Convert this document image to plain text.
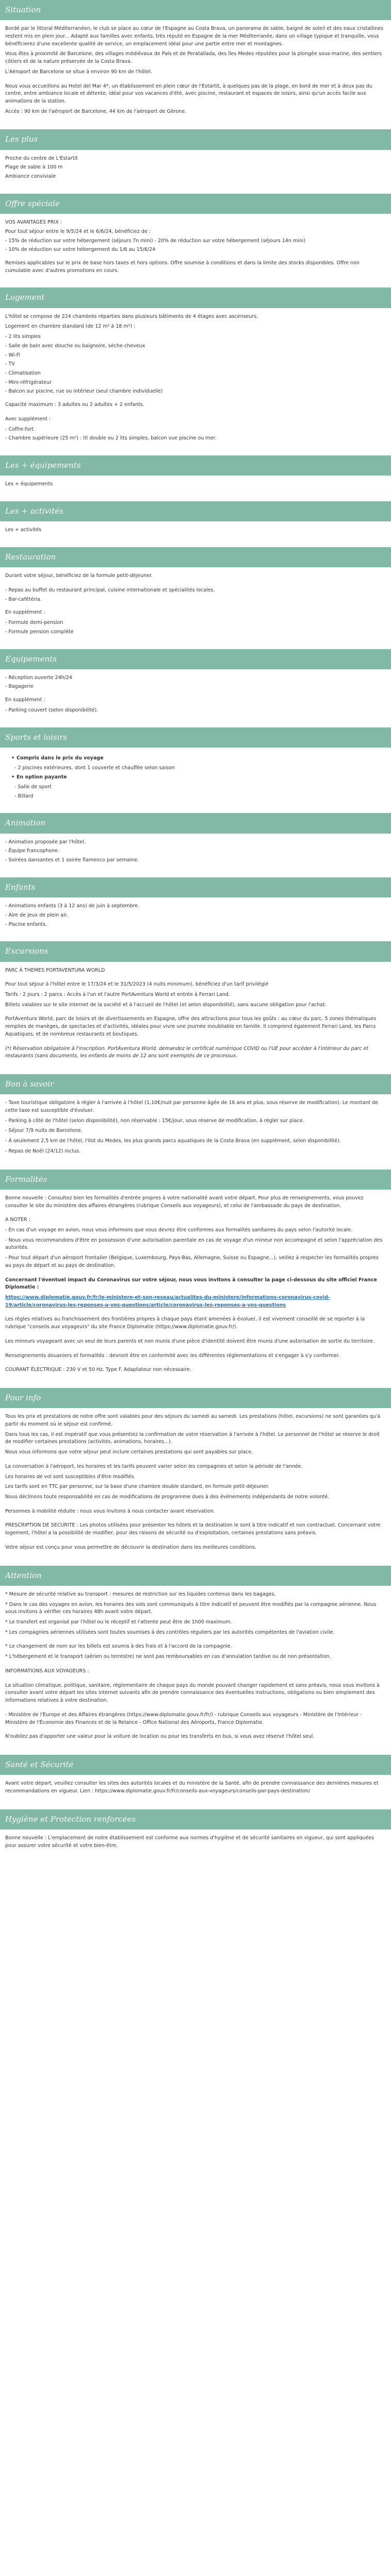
Situation

Bordé par le littoral Méditerranéen, le club se place au cœur de l'Espagne au Costa Brava, un panorama de sable, baigné de soleil et des eaux cristallines restent mis en plein jour... Adapté aux familles avec enfants, très réputé en Espagne de la mer Méditerranée, dans un village typique et tranquille, vous bénéficierez d'une excellente qualité de service, un emplacement idéal pour une partie entre mer et montagnes.

Vous êtes à proximité de Barcelone, des villages médiévaux de Pals et de Peratallada, des îles Medes réputées pour la plongée sous-marine, des sentiers côtiers et de la nature préservée de la Costa Brava.

L'Aéroport de Barcelone se situe à environ 90 km de l'hôtel.

Nous vous accueillons au Hotel del Mar 4*, un établissement en plein cœur de l'Estartit, à quelques pas de la plage, en bord de mer et à deux pas du centre, entre ambiance locale et détente, idéal pour vos vacances d'été, avec piscine, restaurant et espaces de loisirs, ainsi qu'un accès facile aux animations de la station.

Accès : 90 km de l'aéroport de Barcelone, 44 km de l'aéroport de Gérone.

Les plus
Proche du centre de L'Estartit
Plage de sable à 100 m
Ambiance conviviale
Offre spéciale
VOS AVANTAGES PRIX :
Pour tout séjour entre le 9/5/24 et le 6/6/24, bénéficiez de :
- 15% de réduction sur votre hébergement (séjours 7n mini) - 20% de réduction sur votre hébergement (séjours 14n mini)
- 10% de réduction sur votre hébergement du 1/6 au 15/6/24
Remises applicables sur le prix de base hors taxes et hors options. Offre soumise à conditions et dans la limite des stocks disponibles. Offre non cumulable avec d'autres promotions en cours.
Logement

L'hôtel se compose de 224 chambres réparties dans plusieurs bâtiments de 4 étages avec ascenseurs.

Logement en chambre standard (de 12 m² à 18 m²) :

- 2 lits simples
- Salle de bain avec douche ou baignoire, sèche-cheveux
- Wi-Fi
- TV
- Climatisation
- Mini-réfrigérateur
- Balcon sur piscine, rue ou intérieur (seul chambre individuelle)

Capacité maximum : 3 adultes ou 2 adultes + 2 enfants.

Avec supplément :

- Coffre-fort
- Chambre supérieure (25 m²) : lit double ou 2 lits simples, balcon vue piscine ou mer.
Les + équipements
Les + équipements
Les + activités
Les + activités
Restauration

Durant votre séjour, bénéficiez de la formule petit-déjeuner.

- Repas au buffet du restaurant principal, cuisine internationale et spécialités locales.
- Bar-cafétéria.

En supplément :

- Formule demi-pension
- Formule pension complète
Equipements
- Réception ouverte 24h/24
- Bagagerie

En supplément :

- Parking couvert (selon disponibilité).
Sports et loisirs
• Compris dans le prix du voyage
- 2 piscines extérieures, dont 1 couverte et chauffée selon saison
• En option payante
- Salle de sport
- Billard
Animation
- Animation proposée par l'hôtel.
- Équipe francophone.
- Soirées dansantes et 1 soirée flamenco par semaine.
Enfants
- Animations enfants (3 à 12 ans) de juin à septembre.
- Aire de jeux de plein air.
- Piscine enfants.
Excursions

PARC À THEMES PORTAVENTURA WORLD

Pour tout séjour à l'hôtel entre le 17/3/24 et le 31/5/2023 (4 nuits minimum), bénéficiez d'un tarif privilégié

Tarifs : 2 jours : 2 parcs : Accès à l'un et l'autre PortAventura World et entrée à Ferrari Land.

Billets valables sur le site internet de la société et à l'accueil de l'hôtel (et selon disponibilité), sans aucune obligation pour l'achat.

PortAventura World, parc de loisirs et de divertissements en Espagne, offre des attractions pour tous les goûts : au cœur du parc, 5 zones thématiques remplies de manèges, de spectacles et d'activités, idéales pour vivre une journée inoubliable en famille. Il comprend également Ferrari Land, les Parcs Aquatiques, et de nombreux restaurants et boutiques.

(*) Réservation obligatoire à l'inscription. PortAventura World, demandez le certificat numérique COVID ou l'UE pour accéder à l'intérieur du parc et restaurants (sans documents, les enfants de moins de 12 ans sont exemptés de ce processus.

Bon à savoir

- Taxe touristique obligatoire à régler à l'arrivée à l'hôtel (1,10€/nuit par personne âgée de 16 ans et plus, sous réserve de modification). Le montant de cette taxe est susceptible d'évoluer.

- Parking à côté de l'hôtel (selon disponibilité), non réservable : 15€/jour, sous réserve de modification, à régler sur place.

- Séjour 7/9 nuits de Barcelone.

- À seulement 2,5 km de l'hôtel, l'Ilot du Medes, les plus grands parcs aquatiques de la Costa Brava (en supplément, selon disponibilité).

- Repas de Noël (24/12) inclus.

Formalités

Bonne nouvelle : Consultez bien les formalités d'entrée propres à votre nationalité avant votre départ. Pour plus de renseignements, vous pouvez consulter le site du ministère des affaires étrangères (rubrique Conseils aux voyageurs), et celui de l'ambassade du pays de destination.

A NOTER :

- En cas d'un voyage en avion, nous vous informons que vous devrez être conformes aux formalités sanitaires du pays selon l'autorité locale.

- Nous vous recommandons d'être en possession d'une autorisation parentale en cas de voyage d'un mineur non accompagné et selon l'appréciation des autorités.

- Pour tout départ d'un aéroport frontalier (Belgique, Luxembourg, Pays-Bas, Allemagne, Suisse ou Espagne...), veillez à respecter les formalités propres au pays de départ et au pays de destination.

Concernant l'éventuel impact du Coronavirus sur votre séjour, nous vous invitons à consulter la page ci-dessous du site officiel France Diplomatie :

https://www.diplomatie.gouv.fr/fr/le-ministere-et-son-reseau/actualites-du-ministere/informations-coronavirus-covid-19/article/coronavirus-les-reponses-a-vos-questions/article/coronavirus-les-reponses-a-vos-questions

Les règles relatives au franchissement des frontières propres à chaque pays étant amenées à évoluer, il est vivement conseillé de se reporter à la rubrique "conseils aux voyageurs" du site France Diplomatie (https://www.diplomatie.gouv.fr/).

Les mineurs voyageant avec un seul de leurs parents et non munis d'une pièce d'identité doivent être munis d'une autorisation de sortie du territoire.

Renseignements douaniers et formalités : devront être en conformité avec les différentes réglementations et s'engager à s'y conformer.

COURANT ÉLECTRIQUE : 230 V et 50 Hz. Type F. Adaptateur non nécessaire.

Pour info

Tous les prix et prestations de notre offre sont valables pour des séjours du samedi au samedi. Les prestations (hôtel, excursions) ne sont garanties qu'à partir du moment où le séjour est confirmé.

Dans tous les cas, il est impératif que vous présentiez la confirmation de votre réservation à l'arrivée à l'hôtel. Le personnel de l'hôtel se réserve le droit de modifier certaines prestations (activités, animations, horaires...).

Nous vous informons que votre séjour peut inclure certaines prestations qui sont payables sur place.

La conversation à l'aéroport, les horaires et les tarifs peuvent varier selon les compagnies et selon la période de l'année.

Les horaires de vol sont susceptibles d'être modifiés.

Les tarifs sont en TTC par personne, sur la base d'une chambre double standard, en formule petit-déjeuner.

Nous déclinons toute responsabilité en cas de modifications de programme dues à des événements indépendants de notre volonté.

Personnes à mobilité réduite : nous vous invitons à nous contacter avant réservation.

PRESCRIPTION DE SECURITE : Les photos utilisées pour présenter les hôtels et la destination le sont à titre indicatif et non contractuel. Concernant votre logement, l'hôtel a la possibilité de modifier, pour des raisons de sécurité ou d'exploitation, certaines prestations sans préavis.

Votre séjour est conçu pour vous permettre de découvrir la destination dans les meilleures conditions.

Attention

* Mesure de sécurité relative au transport : mesures de restriction sur les liquides contenus dans les bagages.

* Dans le cas des voyages en avion, les horaires des vols sont communiqués à titre indicatif et peuvent être modifiés par la compagnie aérienne. Nous vous invitons à vérifier ces horaires 48h avant votre départ.

* Le transfert est organisé par l'hôtel ou le réceptif et l'attente peut être de 1h00 maximum.

* Les compagnies aériennes utilisées sont toutes soumises à des contrôles réguliers par les autorités compétentes de l'aviation civile.

* Le changement de nom sur les billets est soumis à des frais et à l'accord de la compagnie.

* L'hébergement et le transport (aérien ou terrestre) ne sont pas remboursables en cas d'annulation tardive ou de non présentation.

INFORMATIONS AUX VOYAGEURS :

La situation climatique, politique, sanitaire, réglementaire de chaque pays du monde pouvant changer rapidement et sans préavis, nous vous invitons à consulter avant votre départ les sites internet suivants afin de prendre connaissance des éventuelles instructions, obligations ou bien simplement des informations relatives à votre destination.

- Ministère de l'Europe et des Affaires étrangères (https://www.diplomatie.gouv.fr/fr/) - rubrique Conseils aux voyageurs - Ministère de l'Intérieur - Ministère de l'Économie des Finances et de la Relance - Office National des Aéroports, France Diplomatie.

N'oubliez pas d'apporter une valeur pour la voiture de location ou pour les transferts en bus, si vous avez réservé l'hôtel seul.

Santé et Sécurité

Avant votre départ, veuillez consulter les sites des autorités locales et du ministère de la Santé, afin de prendre connaissance des dernières mesures et recommandations en vigueur. Lien : https://www.diplomatie.gouv.fr/fr/conseils-aux-voyageurs/conseils-par-pays-destination/

Hygiène et Protection renforcées

Bonne nouvelle : L'emplacement de notre établissement est conforme aux normes d'hygiène et de sécurité sanitaires en vigueur, qui sont appliquées pour assurer votre sécurité et votre bien-être.
